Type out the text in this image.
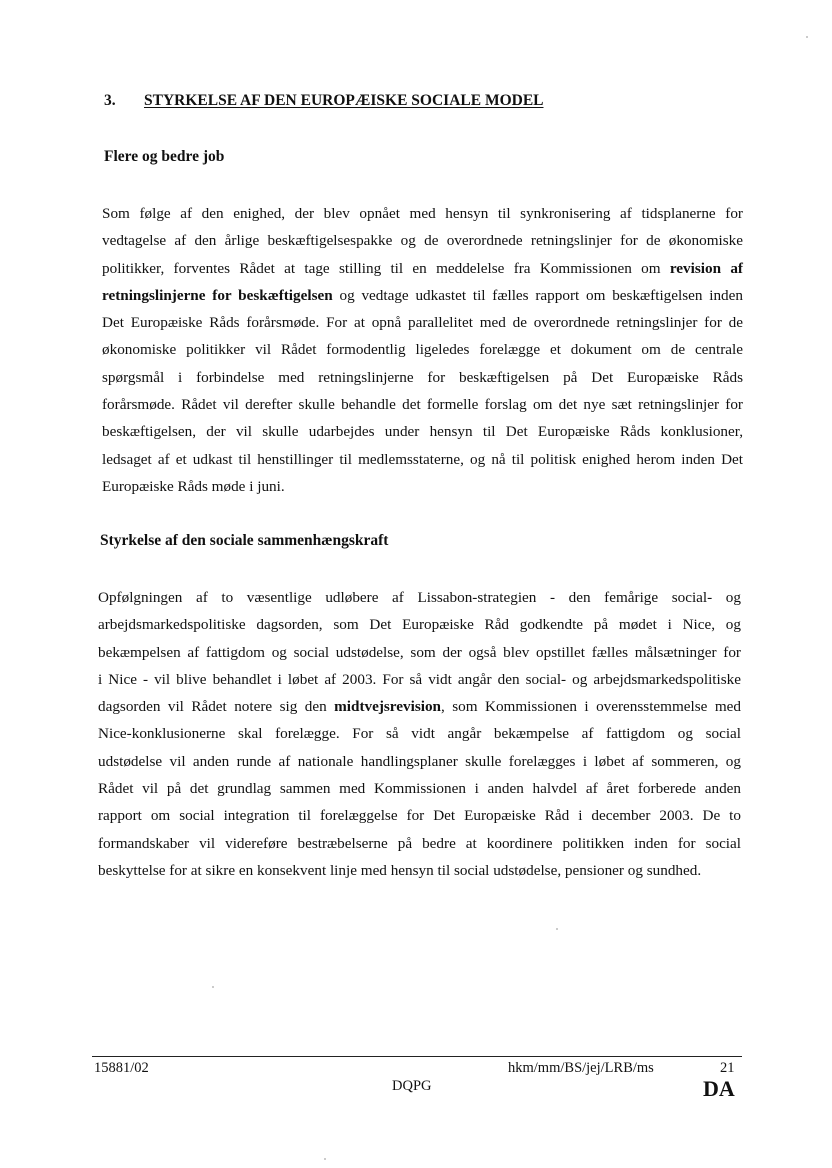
3. STYRKELSE AF DEN EUROPÆISKE SOCIALE MODEL
Flere og bedre job
Som følge af den enighed, der blev opnået med hensyn til synkronisering af tidsplanerne for
vedtagelse af den årlige beskæftigelsespakke og de overordnede retningslinjer for de økonomiske
politikker, forventes Rådet at tage stilling til en meddelelse fra Kommissionen om revision af
retningslinjerne for beskæftigelsen og vedtage udkastet til fælles rapport om beskæftigelsen inden
Det Europæiske Råds forårsmøde. For at opnå parallelitet med de overordnede retningslinjer for de
økonomiske politikker vil Rådet formodentlig ligeledes forelægge et dokument om de centrale
spørgsmål i forbindelse med retningslinjerne for beskæftigelsen på Det Europæiske Råds
forårsmøde. Rådet vil derefter skulle behandle det formelle forslag om det nye sæt retningslinjer for
beskæftigelsen, der vil skulle udarbejdes under hensyn til Det Europæiske Råds konklusioner,
ledsaget af et udkast til henstillinger til medlemsstaterne, og nå til politisk enighed herom inden Det
Europæiske Råds møde i juni.
Styrkelse af den sociale sammenhængskraft
Opfølgningen af to væsentlige udløbere af Lissabon-strategien - den femårige social- og
arbejdsmarkedspolitiske dagsorden, som Det Europæiske Råd godkendte på mødet i Nice, og
bekæmpelsen af fattigdom og social udstødelse, som der også blev opstillet fælles målsætninger for
i Nice - vil blive behandlet i løbet af 2003. For så vidt angår den social- og arbejdsmarkedspolitiske
dagsorden vil Rådet notere sig den midtvejsrevision, som Kommissionen i overensstemmelse med
Nice-konklusionerne skal forelægge. For så vidt angår bekæmpelse af fattigdom og social
udstødelse vil anden runde af nationale handlingsplaner skulle forelægges i løbet af sommeren, og
Rådet vil på det grundlag sammen med Kommissionen i anden halvdel af året forberede anden
rapport om social integration til forelæggelse for Det Europæiske Råd i december 2003. De to
formandskaber vil videreføre bestræbelserne på bedre at koordinere politikken inden for social
beskyttelse for at sikre en konsekvent linje med hensyn til social udstødelse, pensioner og sundhed.
15881/02
DQPG
hkm/mm/BS/jej/LRB/ms	21
DA
